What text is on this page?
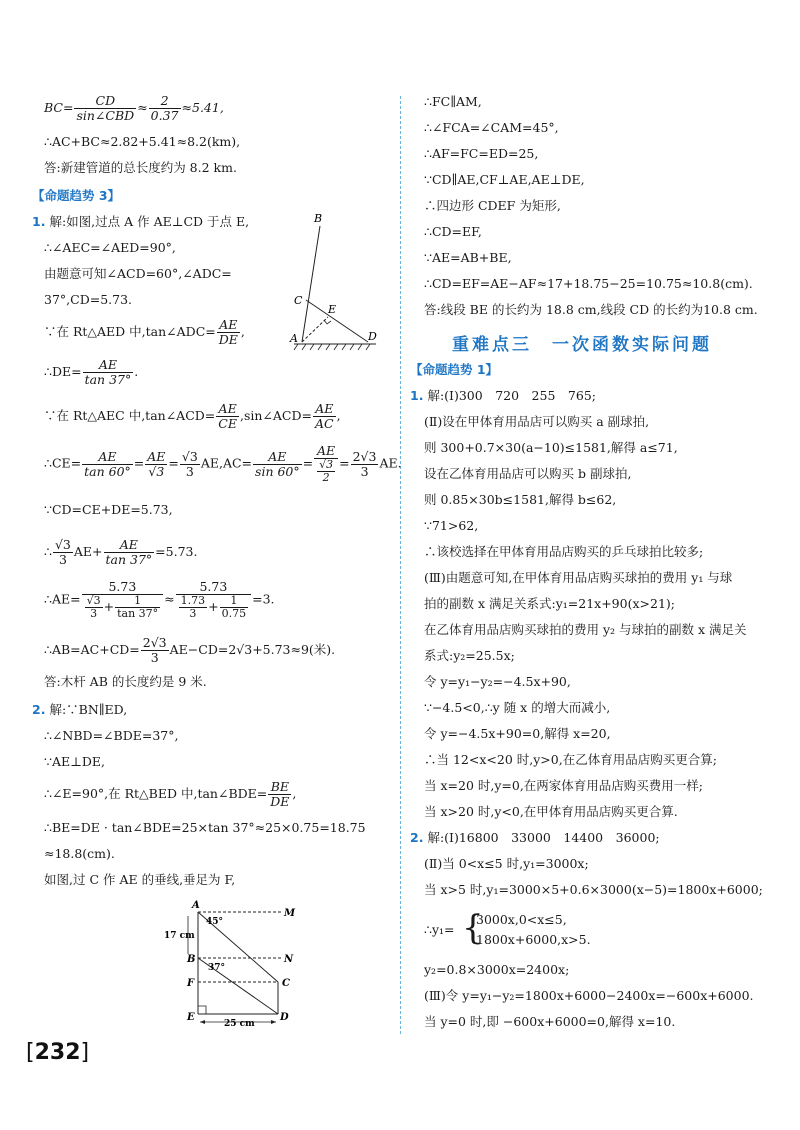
$BC= \frac{CD}{\text{sin∠CBD}} \approx \frac{2}{0.37} \approx 5.41$,
∴AC+BC≈2.82+5.41≈8.2(km),
答:新建管道的总长度约为 8.2 km.
【命题趋势 3】
1. 解:如图,过点 A 作 AE⊥CD 于点 E,
∴∠AEC=∠AED=90°,
由题意可知∠ACD=60°,∠ADC=
37°,CD=5.73.
∵在 Rt△AED 中,tan∠ADC= $\frac{AE}{DE}$ ,
∴DE= $\frac{AE}{\tan 37^\circ}$ .
∵在 Rt△AEC 中,tan∠ACD= $\frac{AE}{CE}$ ,sin∠ACD= $\frac{AE}{AC}$ ,
∴CE= $\frac{AE}{\tan 60^\circ} = \frac{AE}{√3} = \frac{√3}{3} AE,AC= \frac{AE}{\sin 60^\circ} = \frac{AE}{\frac{√3}{2}} = \frac{2√3}{3}$ AE.
∵CD=CE+DE=5.73,
∴ $\frac{√3}{3} AE+ \frac{AE}{\tan 37^\circ} =5.73$.
∴AE= $\frac{5.73}{\frac{√3}{3} + \frac{1}{\tan 37^\circ}} \approx \frac{5.73}{\frac{1.73}{3} + \frac{1}{0.75}} =3$.
∴AB=AC+CD= $\frac{2√3}{3} AE-CD=2√3+5.73\approx 9$(米).
答:木杆 AB 的长度约是 9 米.
2. 解:∵BN∥ED,
∴∠NBD=∠BDE=37°,
∵AE⊥DE,
∴∠E=90°,在 Rt△BED 中,tan∠BDE= $\frac{BE}{DE}$ ,
∴BE=DE · tan∠BDE=25×tan 37°≈25×0.75=18.75
≈18.8(cm).
如图,过 C 作 AE 的垂线,垂足为 F,
B
C
E
A	D
A
M
B	N
F	C
E	D
45°
37°
17 cm
25 cm
∴FC∥AM,
∴∠FCA=∠CAM=45°,
∴AF=FC=ED=25,
∵CD∥AE,CF⊥AE,AE⊥DE,
∴四边形 CDEF 为矩形,
∴CD=EF,
∵AE=AB+BE,
∴CD=EF=AE−AF≈17+18.75−25=10.75≈10.8(cm).
答:线段 BE 的长约为 18.8 cm,线段 CD 的长约为10.8 cm.
重难点三　一次函数实际问题
【命题趋势 1】
1. 解:(Ⅰ)300　720　255　765;
(Ⅱ)设在甲体育用品店可以购买 a 副球拍,
则 300+0.7×30(a−10)≤1581,解得 a≤71,
设在乙体育用品店可以购买 b 副球拍,
则 0.85×30b≤1581,解得 b≤62,
∵71>62,
∴该校选择在甲体育用品店购买的乒乓球拍比较多;
(Ⅲ)由题意可知,在甲体育用品店购买球拍的费用 y₁ 与球
拍的副数 x 满足关系式:y₁=21x+90(x>21);
在乙体育用品店购买球拍的费用 y₂ 与球拍的副数 x 满足关
系式:y₂=25.5x;
令 y=y₁−y₂=−4.5x+90,
∵−4.5<0,∴y 随 x 的增大而减小,
令 y=−4.5x+90=0,解得 x=20,
∴当 12<x<20 时,y>0,在乙体育用品店购买更合算;
当 x=20 时,y=0,在两家体育用品店购买费用一样;
当 x>20 时,y<0,在甲体育用品店购买更合算.
2. 解:(Ⅰ)16800　33000　14400　36000;
(Ⅱ)当 0<x≤5 时,y₁=3000x;
当 x>5 时,y₁=3000×5+0.6×3000(x−5)=1800x+6000;
∴y₁= {
3000x,0<x≤5,
1800x+6000,x>5.
y₂=0.8×3000x=2400x;
(Ⅲ)令 y=y₁−y₂=1800x+6000−2400x=−600x+6000.
当 y=0 时,即 −600x+6000=0,解得 x=10.
[232]
